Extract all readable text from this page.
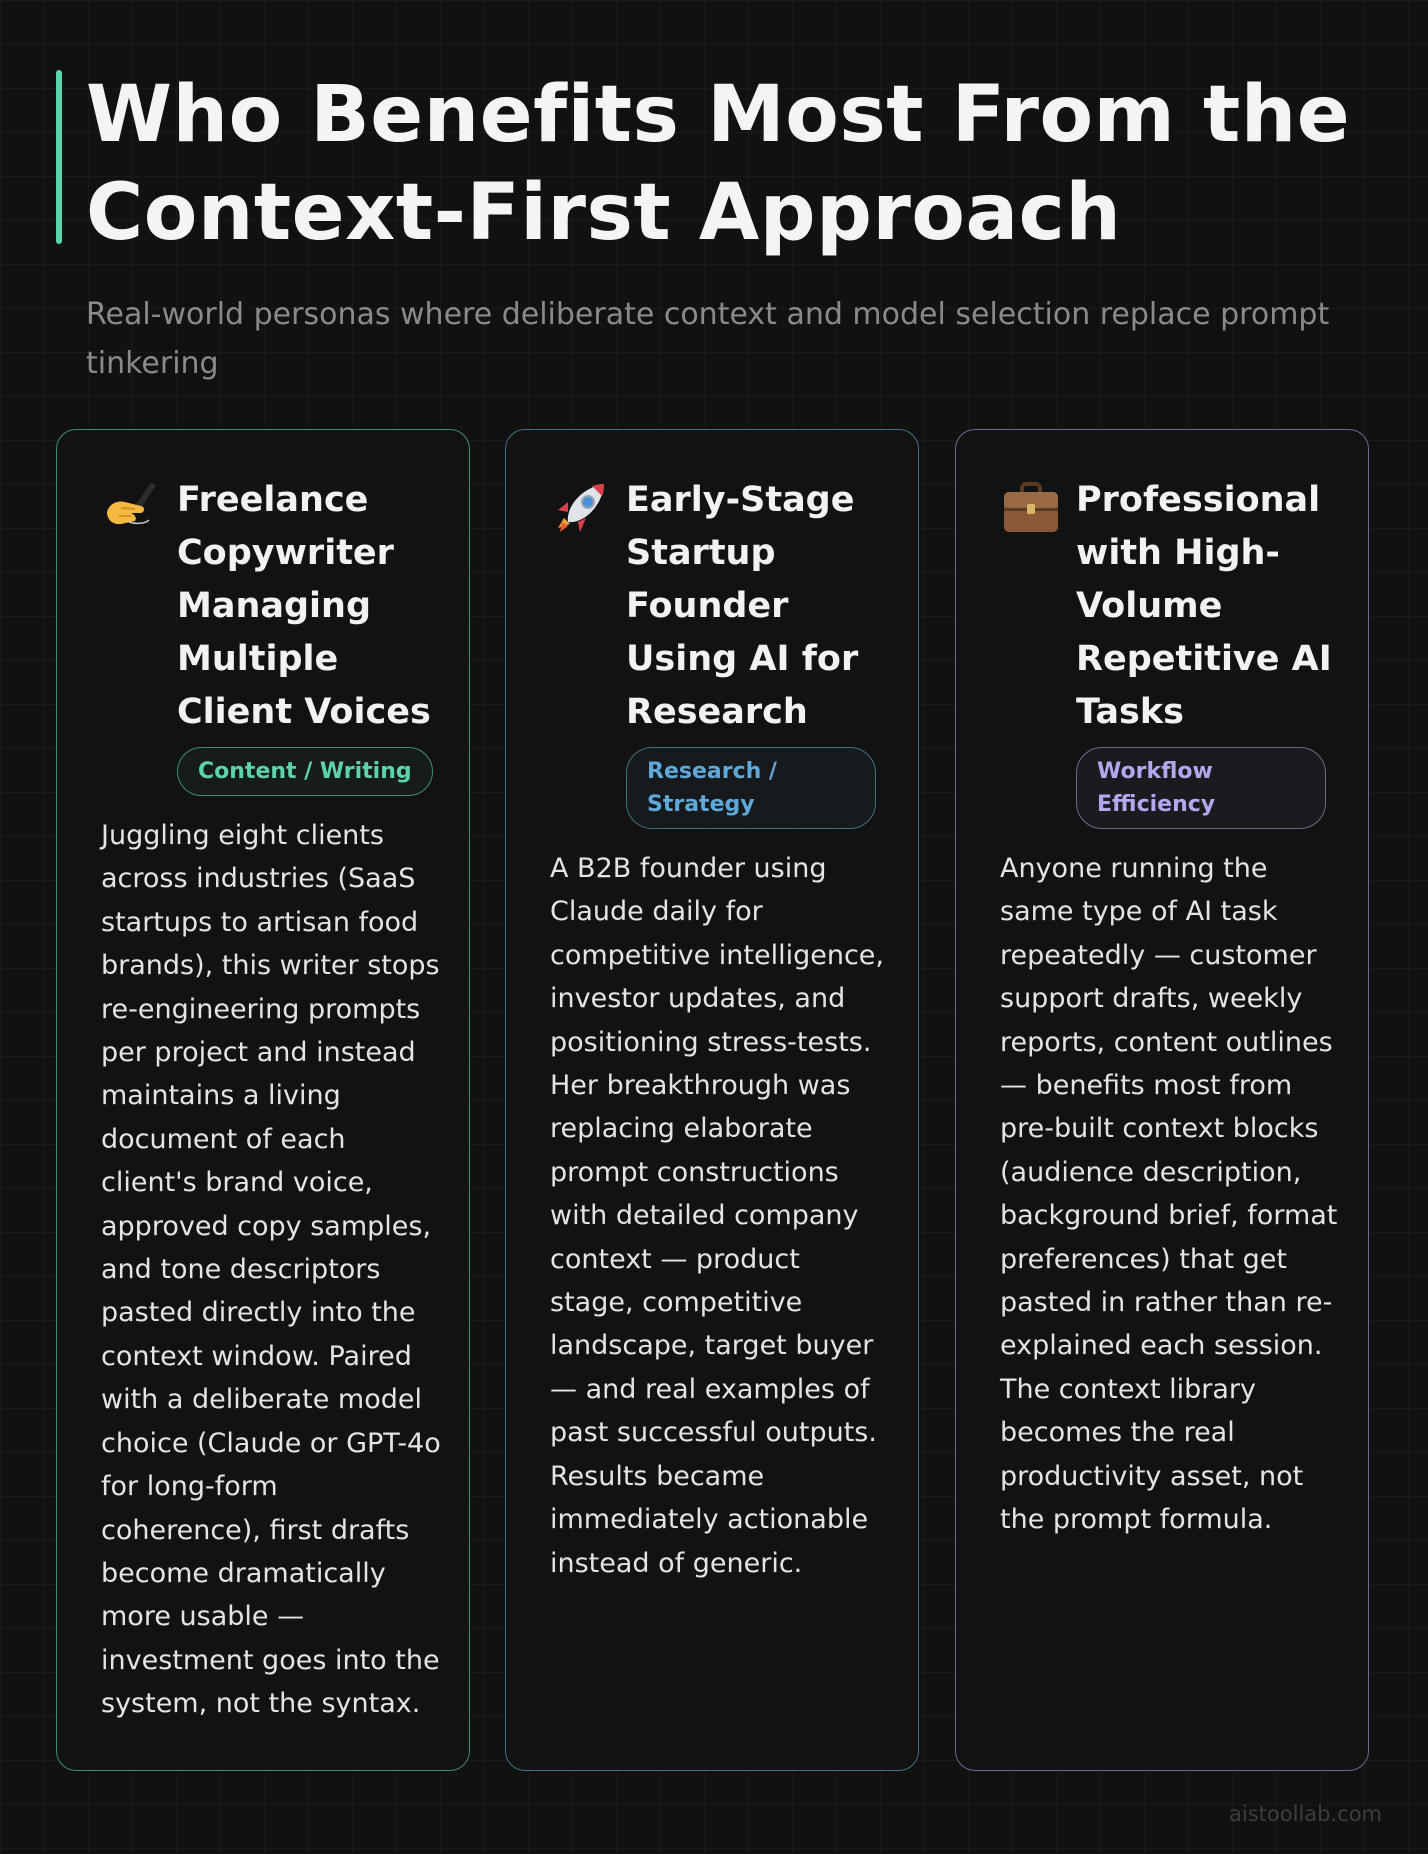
Who Benefits Most From the Context-First Approach

Real-world personas where deliberate context and model selection replace prompt tinkering

Freelance Copywriter Managing Multiple Client Voices
Content / Writing

Juggling eight clients across industries (SaaS startups to artisan food brands), this writer stops re-engineering prompts per project and instead maintains a living document of each client's brand voice, approved copy samples, and tone descriptors pasted directly into the context window. Paired with a deliberate model choice (Claude or GPT-4o for long-form coherence), first drafts become dramatically more usable — investment goes into the system, not the syntax.

Early-Stage Startup Founder Using AI for Research
Research / Strategy

A B2B founder using Claude daily for competitive intelligence, investor updates, and positioning stress-tests. Her breakthrough was replacing elaborate prompt constructions with detailed company context — product stage, competitive landscape, target buyer — and real examples of past successful outputs. Results became immediately actionable instead of generic.

Professional with High-Volume Repetitive AI Tasks
Workflow Efficiency

Anyone running the same type of AI task repeatedly — customer support drafts, weekly reports, content outlines — benefits most from pre-built context blocks (audience description, background brief, format preferences) that get pasted in rather than re-explained each session. The context library becomes the real productivity asset, not the prompt formula.

aistoollab.com
